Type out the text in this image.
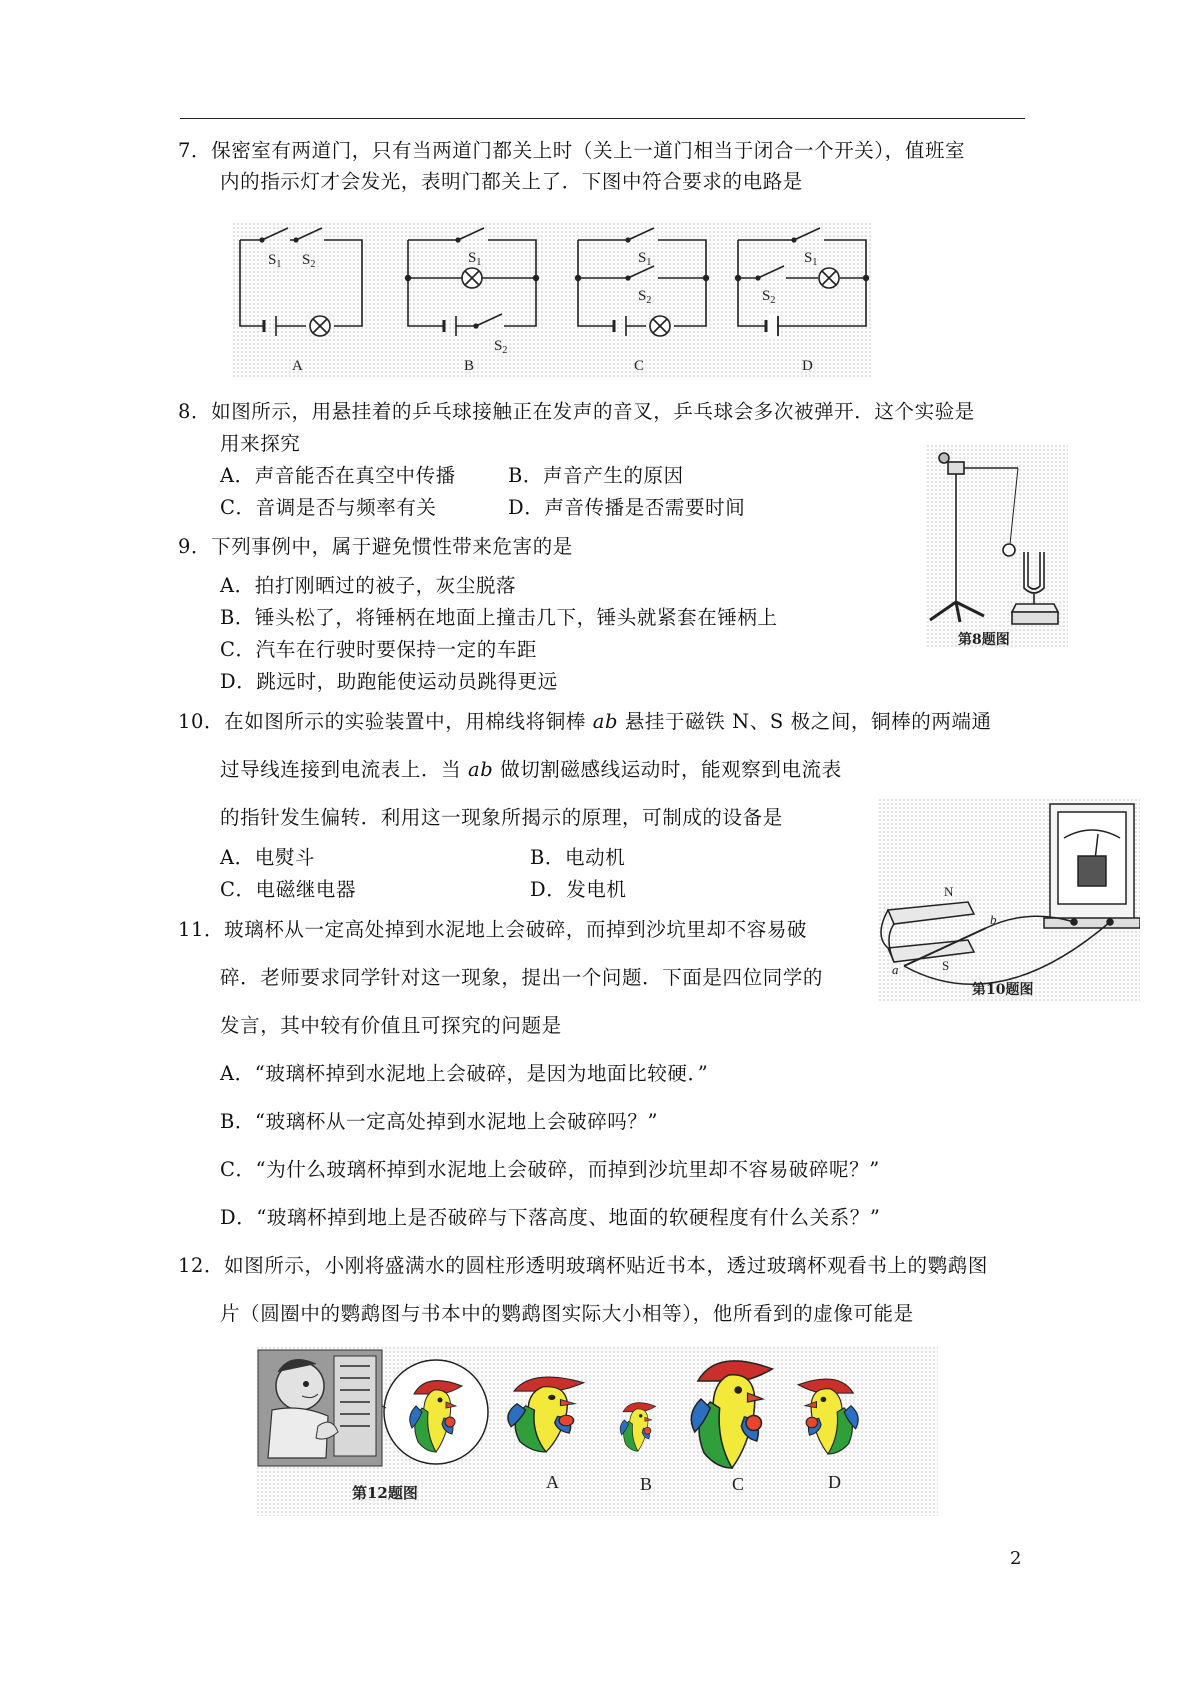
7．保密室有两道门，只有当两道门都关上时（关上一道门相当于闭合一个开关），值班室
内的指示灯才会发光，表明门都关上了．下图中符合要求的电路是
$S_1$ $S_2$	$S_1$
$S_2$
$S_1$
$S_2$
$S_1$
$S_2$
A	B	C	D
8．如图所示，用悬挂着的乒乓球接触正在发声的音叉，乒乓球会多次被弹开．这个实验是
用来探究
A．声音能否在真空中传播	B．声音产生的原因
C．音调是否与频率有关	D．声音传播是否需要时间
第8题图
9．下列事例中，属于避免惯性带来危害的是
A．拍打刚晒过的被子，灰尘脱落
B．锤头松了，将锤柄在地面上撞击几下，锤头就紧套在锤柄上
C．汽车在行驶时要保持一定的车距
D．跳远时，助跑能使运动员跳得更远
10．在如图所示的实验装置中，用棉线将铜棒 ab 悬挂于磁铁 N、S 极之间，铜棒的两端通
过导线连接到电流表上．当 ab 做切割磁感线运动时，能观察到电流表
的指针发生偏转．利用这一现象所揭示的原理，可制成的设备是
A．电熨斗	B．电动机
C．电磁继电器	D．发电机	N
S
a
b
第10题图
11．玻璃杯从一定高处掉到水泥地上会破碎，而掉到沙坑里却不容易破
碎．老师要求同学针对这一现象，提出一个问题．下面是四位同学的
发言，其中较有价值且可探究的问题是
A．“玻璃杯掉到水泥地上会破碎，是因为地面比较硬．”
B．“玻璃杯从一定高处掉到水泥地上会破碎吗？”
C．“为什么玻璃杯掉到水泥地上会破碎，而掉到沙坑里却不容易破碎呢？”
D．“玻璃杯掉到地上是否破碎与下落高度、地面的软硬程度有什么关系？”
12．如图所示，小刚将盛满水的圆柱形透明玻璃杯贴近书本，透过玻璃杯观看书上的鹦鹉图
片（圆圈中的鹦鹉图与书本中的鹦鹉图实际大小相等），他所看到的虚像可能是
A	B	C	D
第12题图
2
